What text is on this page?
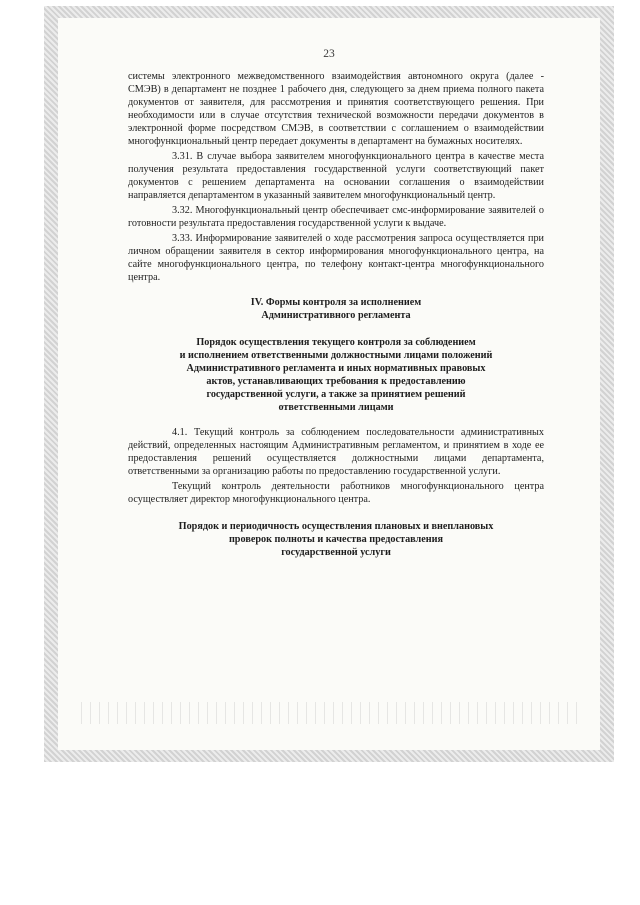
23

системы электронного межведомственного взаимодействия автономного округа (далее - СМЭВ) в департамент не позднее 1 рабочего дня, следующего за днем приема полного пакета документов от заявителя, для рассмотрения и принятия соответствующего решения. При необходимости или в случае отсутствия технической возможности передачи документов в электронной форме посредством СМЭВ, в соответствии с соглашением о взаимодействии многофункциональный центр передает документы в департамент на бумажных носителях.

3.31. В случае выбора заявителем многофункционального центра в качестве места получения результата предоставления государственной услуги соответствующий пакет документов с решением департамента на основании соглашения о взаимодействии направляется департаментом в указанный заявителем многофункциональный центр.

3.32. Многофункциональный центр обеспечивает смс-информирование заявителей о готовности результата предоставления государственной услуги к выдаче.

3.33. Информирование заявителей о ходе рассмотрения запроса осуществляется при личном обращении заявителя в сектор информирования многофункционального центра, на сайте многофункционального центра, по телефону контакт-центра многофункционального центра.

IV. Формы контроля за исполнением
Административного регламента
Порядок осуществления текущего контроля за соблюдением
и исполнением ответственными должностными лицами положений
Административного регламента и иных нормативных правовых
актов, устанавливающих требования к предоставлению
государственной услуги, а также за принятием решений
ответственными лицами

4.1. Текущий контроль за соблюдением последовательности административных действий, определенных настоящим Административным регламентом, и принятием в ходе ее предоставления решений осуществляется должностными лицами департамента, ответственными за организацию работы по предоставлению государственной услуги.

Текущий контроль деятельности работников многофункционального центра осуществляет директор многофункционального центра.

Порядок и периодичность осуществления плановых и внеплановых
проверок полноты и качества предоставления
государственной услуги
